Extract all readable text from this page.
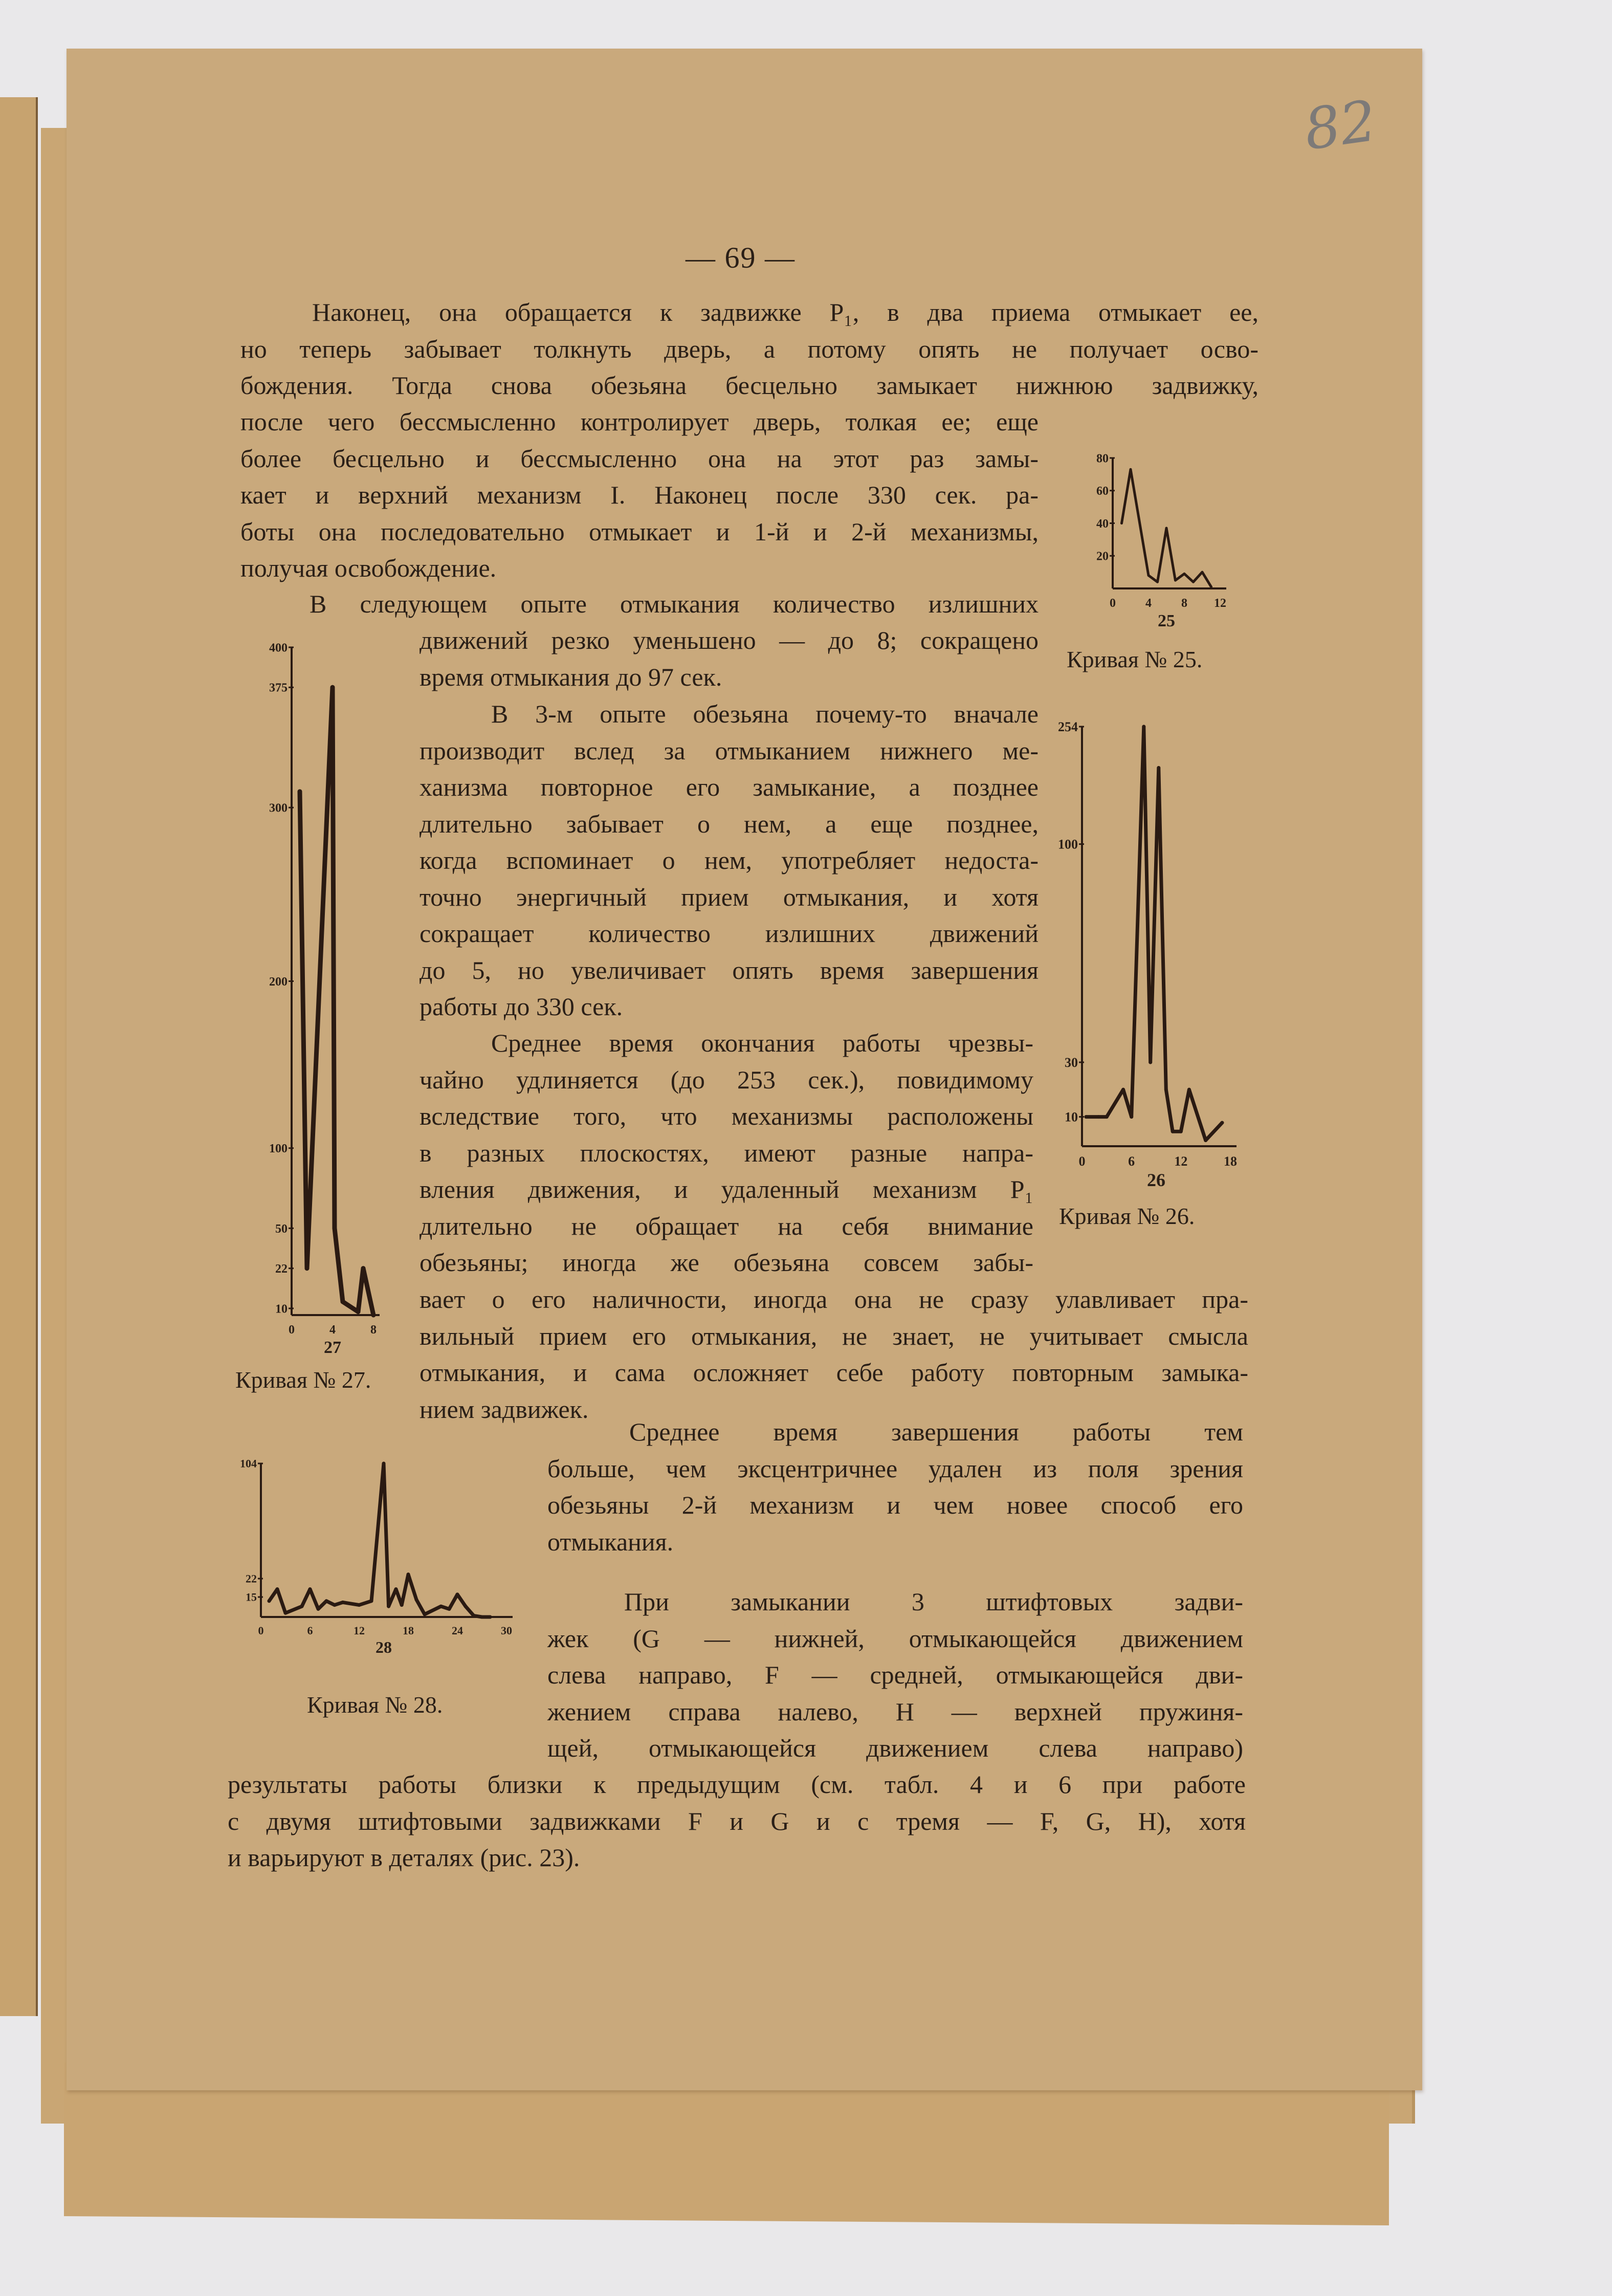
82
— 69 —
Наконец, она обращается к задвижке P₁, в два приема отмыкает ее,
но теперь забывает толкнуть дверь, а потому опять не получает осво-
бождения. Тогда снова обезьяна бесцельно замыкает нижнюю задвижку,
после чего бессмысленно контролирует дверь, толкая ее; еще
более бесцельно и бессмысленно она на этот раз замы-
кает и верхний механизм I. Наконец после 330 сек. ра-
боты она последовательно отмыкает и 1-й и 2-й механизмы,
получая освобождение.
В следующем опыте отмыкания количество излишних
движений резко уменьшено — до 8; сокращено
время отмыкания до 97 сек.
В 3-м опыте обезьяна почему-то вначале
производит вслед за отмыканием нижнего ме-
ханизма повторное его замыкание, а позднее
длительно забывает о нем, а еще позднее,
когда вспоминает о нем, употребляет недоста-
точно энергичный прием отмыкания, и хотя
сокращает количество излишних движений
до 5, но увеличивает опять время завершения
работы до 330 сек.
Среднее время окончания работы чрезвы-
чайно удлиняется (до 253 сек.), повидимому
вследствие того, что механизмы расположены
в разных плоскостях, имеют разные напра-
вления движения, и удаленный механизм P₁
длительно не обращает на себя внимание
обезьяны; иногда же обезьяна совсем забы-
вает о его наличности, иногда она не сразу улавливает пра-
вильный прием его отмыкания, не знает, не учитывает смысла
отмыкания, и сама осложняет себе работу повторным замыка-
нием задвижек.
Среднее время завершения работы тем
больше, чем эксцентричнее удален из поля зрения
обезьяны 2-й механизм и чем новее способ его
отмыкания.
При замыкании 3 штифтовых задви-
жек (G — нижней, отмыкающейся движением
слева направо, F — средней, отмыкающейся дви-
жением справа налево, H — верхней пружиня-
щей, отмыкающейся движением слева направо)
результаты работы близки к предыдущим (см. табл. 4 и 6 при работе
с двумя штифтовыми задвижками F и G и с тремя — F, G, H), хотя
и варьируют в деталях (рис. 23).
20
40
60
80
0 4 8 12
25
Кривая № 25.
254
100
30
10
0	6	12	18
26
Кривая № 26.
400
375
300
200
100
50
22
10
0	4	8
27
Кривая № 27.
104
22
15
0	6	12	18	24	30
28
Кривая № 28.
